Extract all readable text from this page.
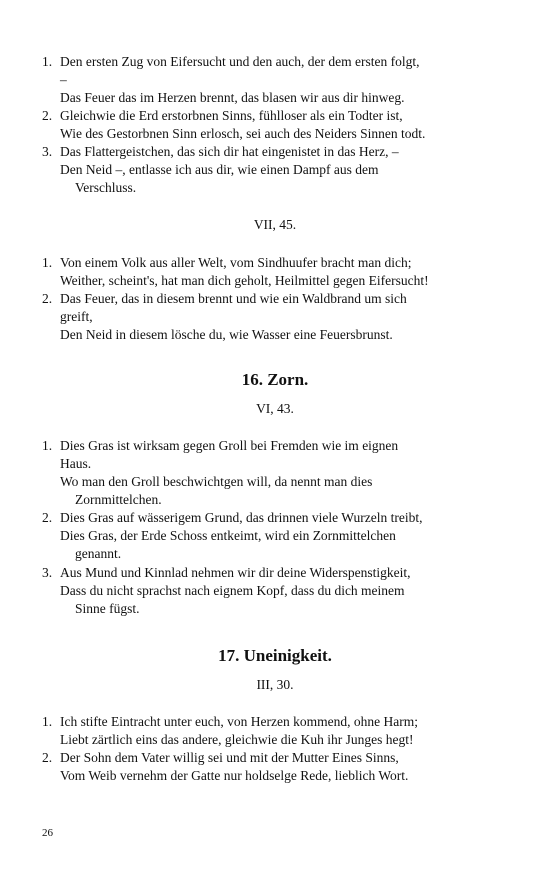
1. Den ersten Zug von Eifersucht und den auch, der dem ersten folgt,
–
Das Feuer das im Herzen brennt, das blasen wir aus dir hinweg.
2. Gleichwie die Erd erstorbnen Sinns, fühlloser als ein Todter ist,
Wie des Gestorbnen Sinn erlosch, sei auch des Neiders Sinnen todt.
3. Das Flattergeistchen, das sich dir hat eingenistet in das Herz, –
Den Neid –, entlasse ich aus dir, wie einen Dampf aus dem
Verschluss.
VII, 45.
1. Von einem Volk aus aller Welt, vom Sindhuufer bracht man dich;
Weither, scheint's, hat man dich geholt, Heilmittel gegen Eifersucht!
2. Das Feuer, das in diesem brennt und wie ein Waldbrand um sich
greift,
Den Neid in diesem lösche du, wie Wasser eine Feuersbrunst.
16. Zorn.
VI, 43.
1. Dies Gras ist wirksam gegen Groll bei Fremden wie im eignen
Haus.
Wo man den Groll beschwichtgen will, da nennt man dies
Zornmittelchen.
2. Dies Gras auf wässerigem Grund, das drinnen viele Wurzeln treibt,
Dies Gras, der Erde Schoss entkeimt, wird ein Zornmittelchen
genannt.
3. Aus Mund und Kinnlad nehmen wir dir deine Widerspenstigkeit,
Dass du nicht sprachst nach eignem Kopf, dass du dich meinem
Sinne fügst.
17. Uneinigkeit.
III, 30.
1. Ich stifte Eintracht unter euch, von Herzen kommend, ohne Harm;
Liebt zärtlich eins das andere, gleichwie die Kuh ihr Junges hegt!
2. Der Sohn dem Vater willig sei und mit der Mutter Eines Sinns,
Vom Weib vernehm der Gatte nur holdselge Rede, lieblich Wort.
26
